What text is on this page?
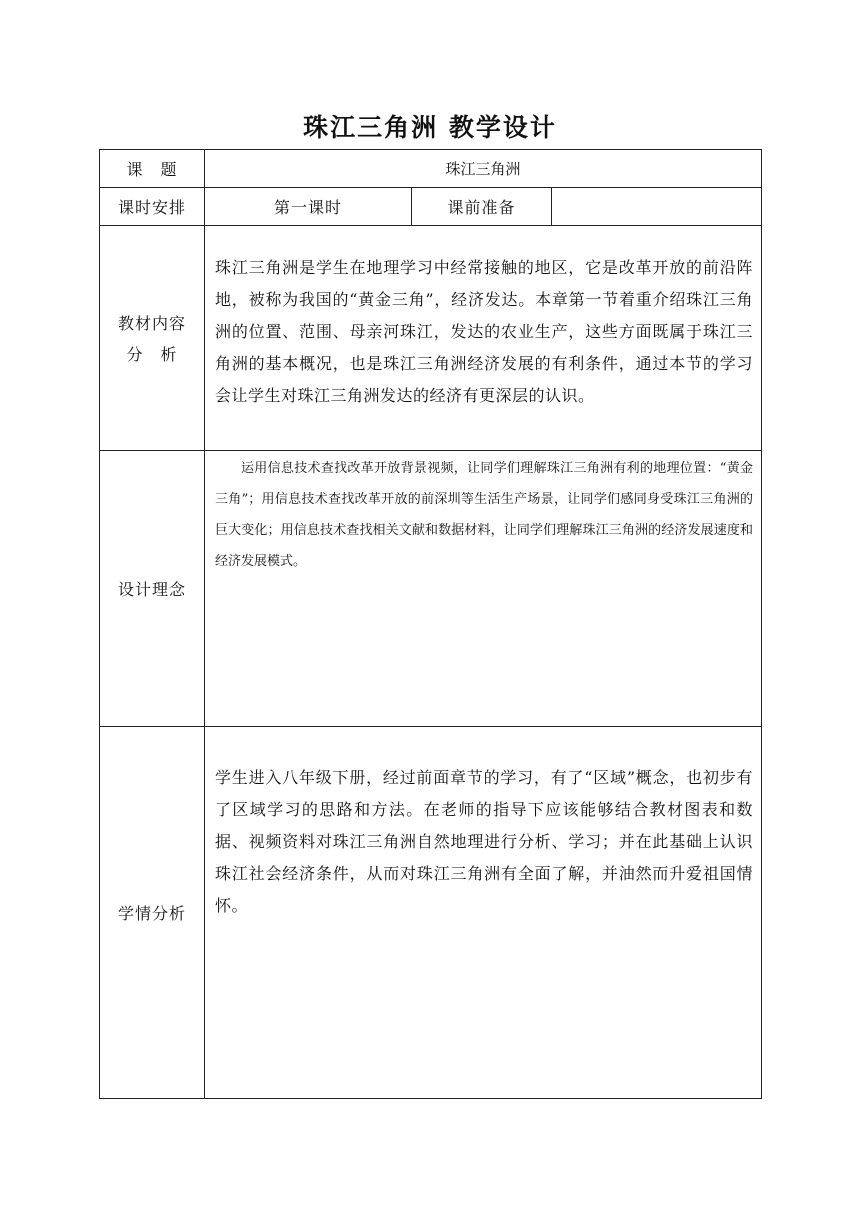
珠江三角洲 教学设计
课　题	珠江三角洲		
课时安排	第一课时	课前准备	

教材内容
分　析	珠江三角洲是学生在地理学习中经常接触的地区，它是改革开放的前沿阵地，被称为我国的“黄金三角”，经济发达。本章第一节着重介绍珠江三角洲的位置、范围、母亲河珠江，发达的农业生产，这些方面既属于珠江三角洲的基本概况，也是珠江三角洲经济发展的有利条件，通过本节的学习会让学生对珠江三角洲发达的经济有更深层的认识。		

设计理念	运用信息技术查找改革开放背景视频，让同学们理解珠江三角洲有利的地理位置：“黄金三角”；用信息技术查找改革开放的前深圳等生活生产场景，让同学们感同身受珠江三角洲的巨大变化；用信息技术查找相关文献和数据材料，让同学们理解珠江三角洲的经济发展速度和经济发展模式。		

学情分析	学生进入八年级下册，经过前面章节的学习，有了“区域”概念，也初步有了区域学习的思路和方法。在老师的指导下应该能够结合教材图表和数据、视频资料对珠江三角洲自然地理进行分析、学习；并在此基础上认识珠江社会经济条件，从而对珠江三角洲有全面了解，并油然而升爱祖国情怀。		
